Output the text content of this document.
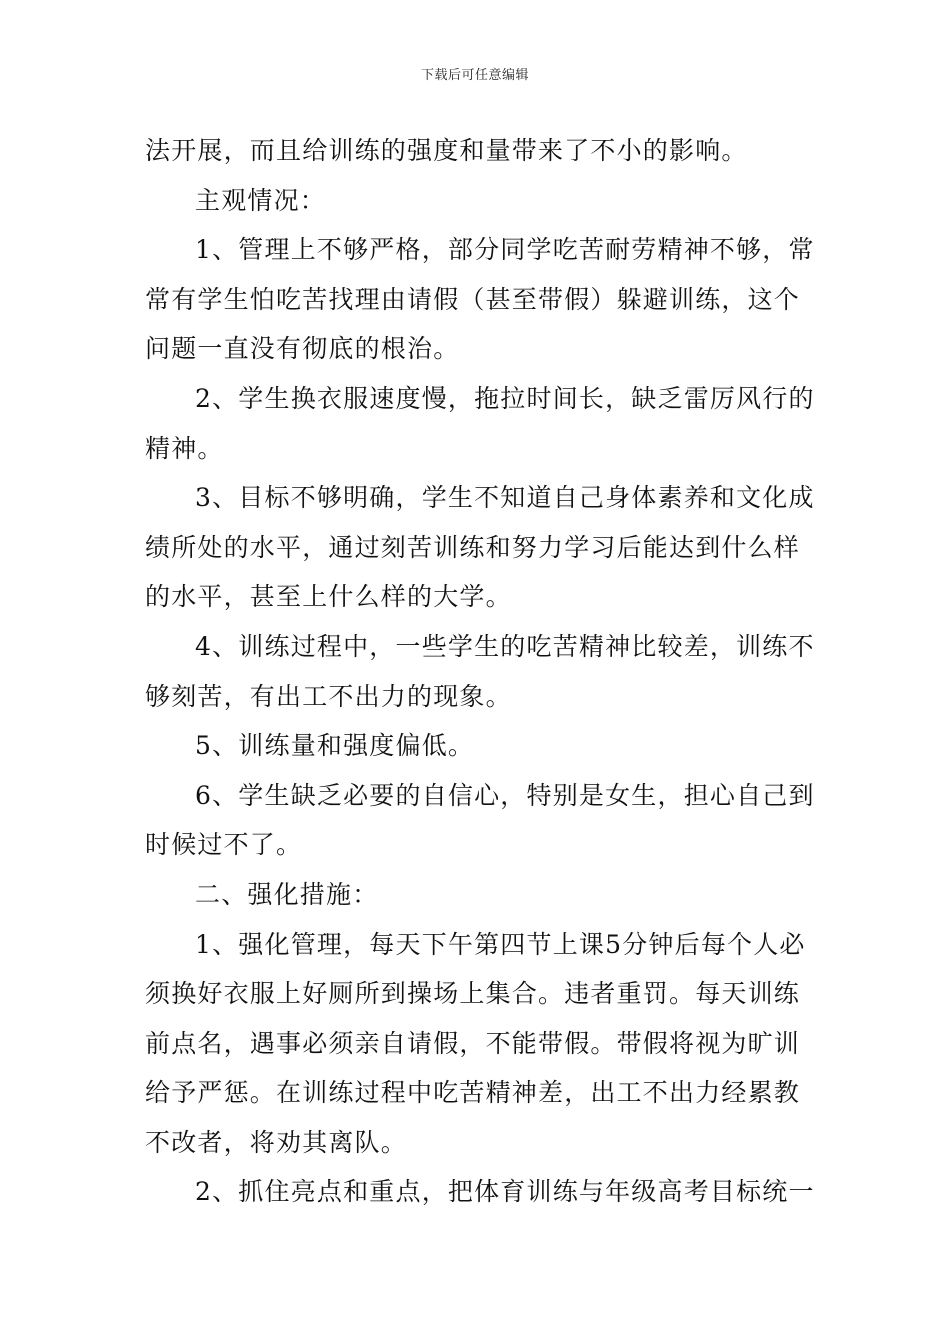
下载后可任意编辑
法开展，而且给训练的强度和量带来了不小的影响。
主观情况：
1、管理上不够严格，部分同学吃苦耐劳精神不够，常
常有学生怕吃苦找理由请假（甚至带假）躲避训练，这个
问题一直没有彻底的根治。
2、学生换衣服速度慢，拖拉时间长，缺乏雷厉风行的
精神。
3、目标不够明确，学生不知道自己身体素养和文化成
绩所处的水平，通过刻苦训练和努力学习后能达到什么样
的水平，甚至上什么样的大学。
4、训练过程中，一些学生的吃苦精神比较差，训练不
够刻苦，有出工不出力的现象。
5、训练量和强度偏低。
6、学生缺乏必要的自信心，特别是女生，担心自己到
时候过不了。
二、强化措施：
1、强化管理，每天下午第四节上课5分钟后每个人必
须换好衣服上好厕所到操场上集合。违者重罚。每天训练
前点名，遇事必须亲自请假，不能带假。带假将视为旷训
给予严惩。在训练过程中吃苦精神差，出工不出力经累教
不改者，将劝其离队。
2、抓住亮点和重点，把体育训练与年级高考目标统一
